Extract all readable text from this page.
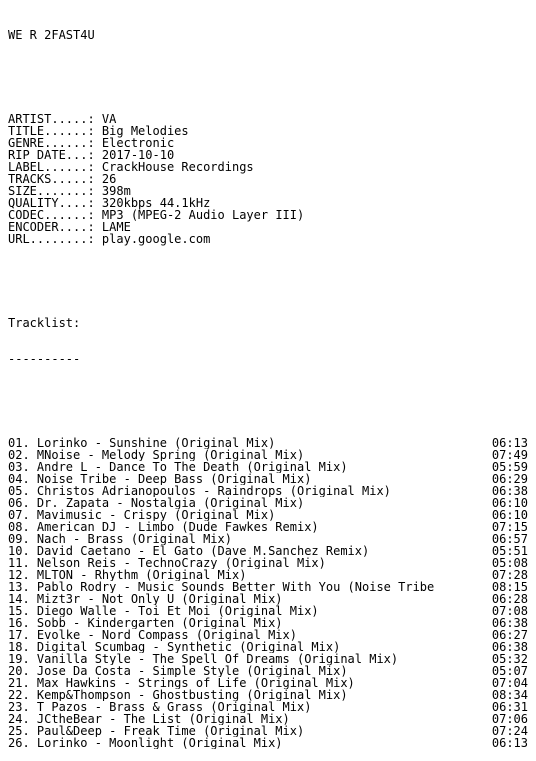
WE R 2FAST4U

ARTIST.....: VA
TITLE......: Big Melodies
GENRE......: Electronic
RIP DATE...: 2017-10-10
LABEL......: CrackHouse Recordings
TRACKS.....: 26
SIZE.......: 398m
QUALITY....: 320kbps 44.1kHz
CODEC......: MP3 (MPEG-2 Audio Layer III)
ENCODER....: LAME
URL........: play.google.com

Tracklist:

----------

01. Lorinko - Sunshine (Original Mix)	06:13
02. MNoise - Melody Spring (Original Mix)	07:49
03. Andre L - Dance To The Death (Original Mix)	05:59
04. Noise Tribe - Deep Bass (Original Mix)	06:29
05. Christos Adrianopoulos - Raindrops (Original Mix)	06:38
06. Dr. Zapata - Nostalgia (Original Mix)	06:10
07. Mavimusic - Crispy (Original Mix)	06:10
08. American DJ - Limbo (Dude Fawkes Remix)	07:15
09. Nach - Brass (Original Mix)	06:57
10. David Caetano - El Gato (Dave M.Sanchez Remix)	05:51
11. Nelson Reis - TechnoCrazy (Original Mix)	05:08
12. MLTON - Rhythm (Original Mix)	07:28
13. Pablo Rodry - Music Sounds Better With You (Noise Tribe	08:15
14. Mizt3r - Not Only U (Original Mix)	06:28
15. Diego Walle - Toi Et Moi (Original Mix)	07:08
16. Sobb - Kindergarten (Original Mix)	06:38
17. Evolke - Nord Compass (Original Mix)	06:27
18. Digital Scumbag - Synthetic (Original Mix)	06:38
19. Vanilla Style - The Spell Of Dreams (Original Mix)	05:32
20. Jose Da Costa - Simple Style (Original Mix)	05:07
21. Max Hawkins - Strings of Life (Original Mix)	07:04
22. Kemp&Thompson - Ghostbusting (Original Mix)	08:34
23. T_Pazos - Brass & Grass (Original Mix)	06:31
24. JCtheBear - The List (Original Mix)	07:06
25. Paul&Deep - Freak Time (Original Mix)	07:24
26. Lorinko - Moonlight (Original Mix)	06:13
